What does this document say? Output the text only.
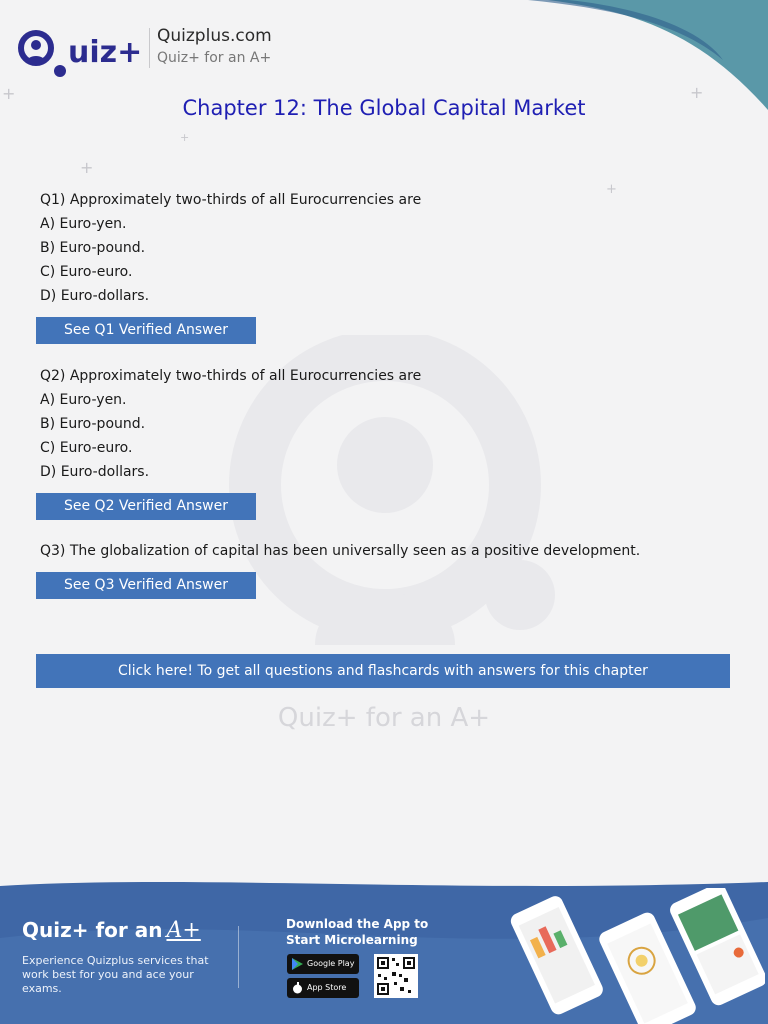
+
+
+
+
+
uiz+ Quizplus.com
Quiz+ for an A+
Chapter 12: The Global Capital Market
Q1) Approximately two-thirds of all Eurocurrencies are
A) Euro-yen.
B) Euro-pound.
C) Euro-euro.
D) Euro-dollars.
See Q1 Verified Answer
Q2) Approximately two-thirds of all Eurocurrencies are
A) Euro-yen.
B) Euro-pound.
C) Euro-euro.
D) Euro-dollars.
See Q2 Verified Answer
Q3) The globalization of capital has been universally seen as a positive development.
See Q3 Verified Answer
Click here! To get all questions and flashcards with answers for this chapter
Quiz+ for an A+
Quiz+ for an A+
Experience Quizplus services that work best for you and ace your exams.
Download the App to Start Microlearning
Google Play
App Store
